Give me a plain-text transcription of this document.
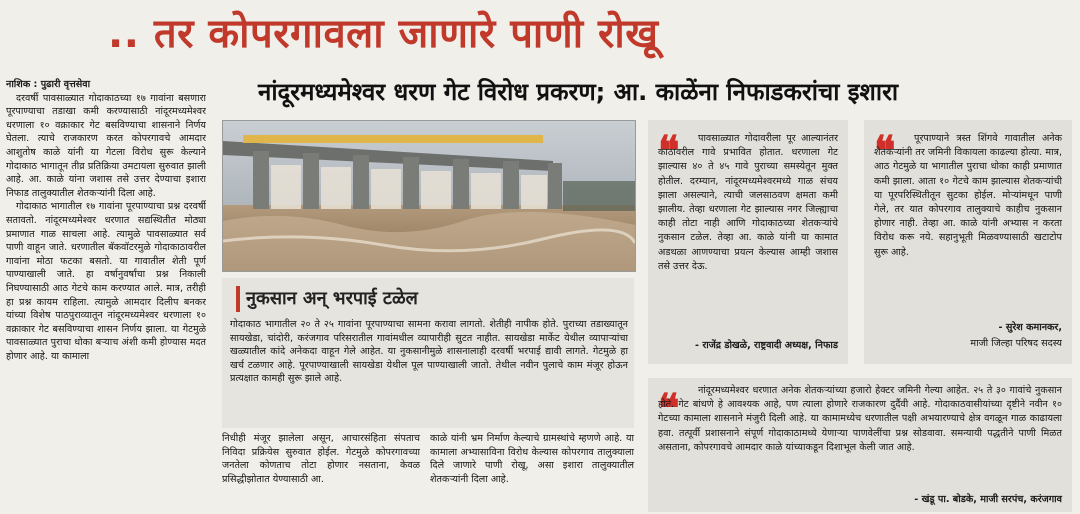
.. तर कोपरगावला जाणारे पाणी रोखू
नांदूरमध्यमेश्वर धरण गेट विरोध प्रकरण; आ. काळेंना निफाडकरांचा इशारा
नाशिक : पुढारी वृत्तसेवा

दरवर्षी पावसाळ्यात गोदाकाठच्या १७ गावांना बसणारा पूरपाण्याचा तडाखा कमी करण्यासाठी नांदूरमध्यमेश्वर धरणाला १० वक्राकार गेट बसविण्याचा शासनाने निर्णय घेतला. त्याचे राजकारण करत कोपरगावचे आमदार आशुतोष काळे यांनी या गेटला विरोध सुरू केल्याने गोदाकाठ भागातून तीव्र प्रतिक्रिया उमटायला सुरुवात झाली आहे. आ. काळे यांना जशास तसे उत्तर देण्याचा इशारा निफाड तालुक्यातील शेतकऱ्यांनी दिला आहे.

गोदाकाठ भागातील १७ गावांना पूरपाण्याचा प्रश्न दरवर्षी सतावतो. नांदूरमध्यमेश्वर धरणात सद्यस्थितीत मोठ्या प्रमाणात गाळ साचला आहे. त्यामुळे पावसाळ्यात सर्व पाणी वाहून जाते. धरणातील बॅकवॉटरमुळे गोदाकाठावरील गावांना मोठा फटका बसतो. या गावातील शेती पूर्ण पाण्याखाली जाते. हा वर्षानुवर्षांचा प्रश्न निकाली निघण्यासाठी आठ गेटचे काम करण्यात आले. मात्र, तरीही हा प्रश्न कायम राहिला. त्यामुळे आमदार दिलीप बनकर यांच्या विशेष पाठपुराव्यातून नांदूरमध्यमेश्वर धरणाला १० वक्राकार गेट बसविण्याचा शासन निर्णय झाला. या गेटमुळे पावसाळ्यात पुराचा धोका बऱ्याच अंशी कमी होण्यास मदत होणार आहे. या कामाला

नुकसान अन् भरपाई टळेल
गोदाकाठ भागातील २० ते २५ गावांना पूरपाण्याचा सामना करावा लागतो. शेतीही नापीक होते. पुराच्या तडाख्यातून सायखेडा, चांदोरी, करंजगाव परिसरातील गावांमधील व्यापारीही सुटत नाहीत. सायखेडा मार्केट येथील व्यापाऱ्यांचा खळ्यातील कांदे अनेकदा वाहून गेले आहेत. या नुकसानीमुळे शासनालाही दरवर्षी भरपाई द्यावी लागते. गेटमुळे हा खर्च टळणार आहे. पूरपाण्याखाली सायखेडा येथील पूल पाण्याखाली जातो. तेथील नवीन पुलाचे काम मंजूर होऊन प्रत्यक्षात कामही सुरू झाले आहे.
निधीही मंजूर झालेला असून, आचारसंहिता संपताच निविदा प्रक्रियेस सुरुवात होईल. गेटमुळे कोपरगावच्या जनतेला कोणताच तोटा होणार नसताना, केवळ प्रसिद्धीझोतात येण्यासाठी आ.
काळे यांनी भ्रम निर्माण केल्याचे ग्रामस्थांचे म्हणणे आहे. या कामाला अभ्यासाविना विरोध केल्यास कोपरगाव तालुक्याला दिले जाणारे पाणी रोखू, असा इशारा तालुक्यातील शेतकऱ्यांनी दिला आहे.
❝	पावसाळ्यात गोदावरीला पूर आल्यानंतर काठावरील गावे प्रभावित होतात. धरणाला गेट झाल्यास ४० ते ४५ गावे पुराच्या समस्येतून मुक्त होतील. दरम्यान, नांदूरमध्यमेश्वरमध्ये गाळ संचय झाला असल्याने, त्याची जलसाठवण क्षमता कमी झालीय. तेव्हा धरणाला गेट झाल्यास नगर जिल्ह्याचा काही तोटा नाही आणि गोदाकाठच्या शेतकऱ्यांचे नुकसान टळेल. तेव्हा आ. काळे यांनी या कामात अडथळा आणण्याचा प्रयत्न केल्यास आम्ही जशास तसे उत्तर देऊ.
- राजेंद्र डोखळे, राष्ट्रवादी अध्यक्ष, निफाड
❝	पूरपाण्याने त्रस्त शिंगवे गावातील अनेक शेतकऱ्यांनी तर जमिनी विकायला काढल्या होत्या. मात्र, आठ गेटमुळे या भागातील पुराचा धोका काही प्रमाणात कमी झाला. आता १० गेटचे काम झाल्यास शेतकऱ्यांची या पूरपरिस्थितीतून सुटका होईल. मोऱ्यांमधून पाणी गेले, तर यात कोपरगाव तालुक्याचे काहीच नुकसान होणार नाही. तेव्हा आ. काळे यांनी अभ्यास न करता विरोध करू नये. सहानुभूती मिळवण्यासाठी खटाटोप सुरू आहे.
- सुरेश कमानकर,
माजी जिल्हा परिषद सदस्य
❝	नांदूरमध्यमेश्वर धरणात अनेक शेतकऱ्यांच्या हजारो हेक्टर जमिनी गेल्या आहेत. २५ ते ३० गावांचे नुकसान होते. गेट बांधणे हे आवश्यक आहे, पण त्याला होणारे राजकारण दुर्दैवी आहे. गोदाकाठवासीयांच्या दृष्टीने नवीन १० गेटच्या कामाला शासनाने मंजुरी दिली आहे. या कामामध्येच धरणातील पक्षी अभयारण्याचे क्षेत्र वगळून गाळ काढायला हवा. तत्पूर्वी प्रशासनाने संपूर्ण गोदाकाठामध्ये येणाऱ्या पाणवेलींचा प्रश्न सोडवावा. समन्यायी पद्धतीने पाणी मिळत असताना, कोपरगावचे आमदार काळे यांच्याकडून दिशाभूल केली जात आहे.
- खंडू पा. बोडके, माजी सरपंच, करंजगाव
